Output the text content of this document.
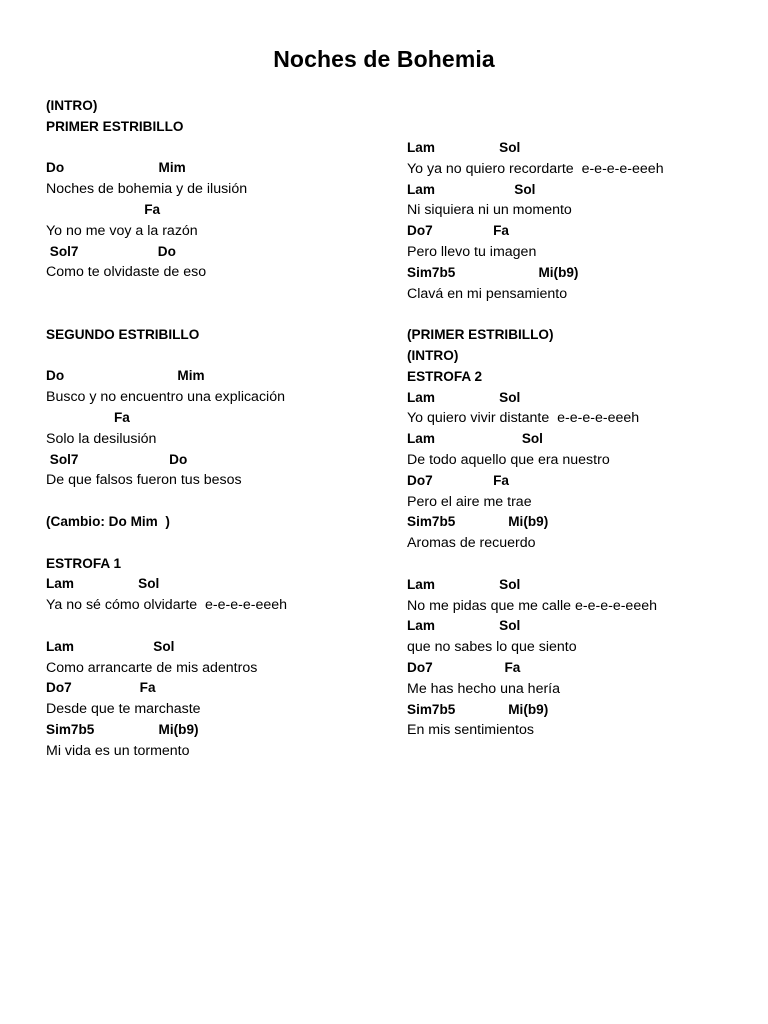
Noches de Bohemia
(INTRO)
PRIMER ESTRIBILLO
Do                         Mim
Noches de bohemia y de ilusión
Fa
Yo no me voy a la razón
Sol7                     Do
Como te olvidaste de eso
SEGUNDO ESTRIBILLO
Do                              Mim
Busco y no encuentro una explicación
Fa
Solo la desilusión
Sol7                        Do
De que falsos fueron tus besos
(Cambio: Do Mim  )
ESTROFA 1
Lam                 Sol
Ya no sé cómo olvidarte  e-e-e-e-eeeh
Lam                     Sol
Como arrancarte de mis adentros
Do7                  Fa
Desde que te marchaste
Sim7b5                 Mi(b9)
Mi vida es un tormento
Lam                 Sol
Yo ya no quiero recordarte  e-e-e-e-eeeh
Lam                     Sol
Ni siquiera ni un momento
Do7                Fa
Pero llevo tu imagen
Sim7b5                      Mi(b9)
Clavá en mi pensamiento
(PRIMER ESTRIBILLO)
(INTRO)
ESTROFA 2
Lam                 Sol
Yo quiero vivir distante  e-e-e-e-eeeh
Lam                       Sol
De todo aquello que era nuestro
Do7                Fa
Pero el aire me trae
Sim7b5              Mi(b9)
Aromas de recuerdo
Lam                 Sol
No me pidas que me calle e-e-e-e-eeeh
Lam                 Sol
que no sabes lo que siento
Do7                   Fa
Me has hecho una hería
Sim7b5              Mi(b9)
En mis sentimientos
